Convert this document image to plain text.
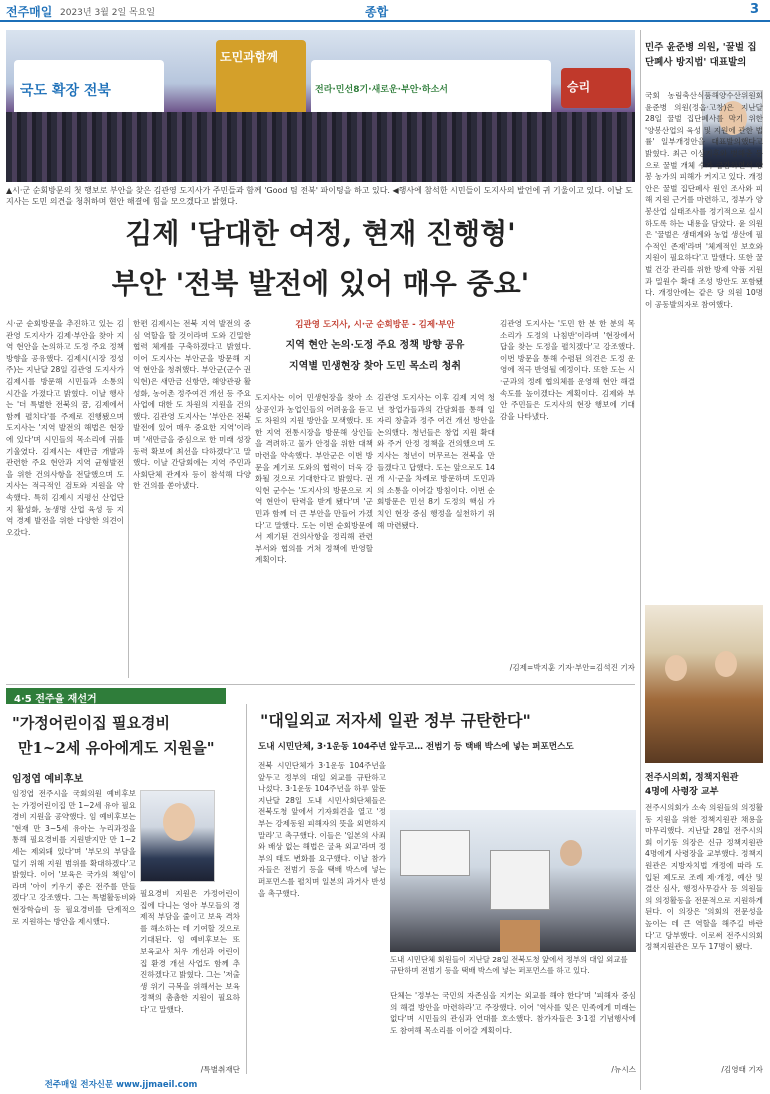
전주매일 2023년 3월 2일 목요일	종합	3
국도 확장 전북
도민과함께
전라·민선8기·새로운·부안·하소서	승리
▲시·군 순회방문의 첫 행보로 부안을 찾은 김관영 도지사가 주민들과 함께 'Good 팀 전북' 파이팅을 하고 있다. ◀행사에 참석한 시민들이 도지사의 발언에 귀 기울이고 있다. 이날 도지사는 도민 의견을 청취하며 현안 해결에 힘을 모으겠다고 밝혔다.
김제 '담대한 여정, 현재 진행형'
부안 '전북 발전에 있어 매우 중요'
시·군 순회방문을 추진하고 있는 김관영 도지사가 김제·부안을 찾아 지역 현안을 논의하고 도정 주요 정책 방향을 공유했다. 김제시(시장 정성주)는 지난달 28일 김관영 도지사가 김제시를 방문해 시민들과 소통의 시간을 가졌다고 밝혔다. 이날 행사는 '더 특별한 전북의 꿈, 김제에서 함께 펼치다'를 주제로 진행됐으며 도지사는 '지역 발전의 해법은 현장에 있다'며 시민들의 목소리에 귀를 기울였다. 김제시는 새만금 개발과 관련한 주요 현안과 지역 균형발전을 위한 건의사항을 전달했으며 도지사는 적극적인 검토와 지원을 약속했다. 특히 김제시 지평선 산업단지 활성화, 농생명 산업 육성 등 지역 경제 발전을 위한 다양한 의견이 오갔다.
한편 김제시는 전북 지역 발전의 중심 역할을 할 것이라며 도와 긴밀한 협력 체계를 구축하겠다고 밝혔다. 이어 도지사는 부안군을 방문해 지역 현안을 청취했다. 부안군(군수 권익현)은 새만금 신항만, 해양관광 활성화, 농어촌 정주여건 개선 등 주요 사업에 대한 도 차원의 지원을 건의했다. 김관영 도지사는 '부안은 전북 발전에 있어 매우 중요한 지역'이라며 '새만금을 중심으로 한 미래 성장동력 확보에 최선을 다하겠다'고 말했다. 이날 간담회에는 지역 주민과 사회단체 관계자 등이 참석해 다양한 건의를 쏟아냈다.
김관영 도지사, 시·군 순회방문 - 김제·부안
지역 현안 논의·도정 주요 정책 방향 공유
지역별 민생현장 찾아 도민 목소리 청취
도지사는 이어 민생현장을 찾아 소상공인과 농업인들의 어려움을 듣고 도 차원의 지원 방안을 모색했다. 또한 지역 전통시장을 방문해 상인들을 격려하고 물가 안정을 위한 대책 마련을 약속했다. 부안군은 이번 방문을 계기로 도와의 협력이 더욱 강화될 것으로 기대한다고 밝혔다. 권익현 군수는 '도지사의 방문으로 지역 현안이 탄력을 받게 됐다'며 '군민과 함께 더 큰 부안을 만들어 가겠다'고 말했다. 도는 이번 순회방문에서 제기된 건의사항을 정리해 관련 부서와 협의를 거쳐 정책에 반영할 계획이다.
김관영 도지사는 이후 김제 지역 청년 창업가들과의 간담회를 통해 일자리 창출과 정주 여건 개선 방안을 논의했다. 청년들은 창업 지원 확대와 주거 안정 정책을 건의했으며 도지사는 청년이 머무르는 전북을 만들겠다고 답했다. 도는 앞으로도 14개 시·군을 차례로 방문하며 도민과의 소통을 이어갈 방침이다. 이번 순회방문은 민선 8기 도정의 핵심 가치인 현장 중심 행정을 실천하기 위해 마련됐다.
김관영 도지사는 '도민 한 분 한 분의 목소리가 도정의 나침반'이라며 '현장에서 답을 찾는 도정을 펼치겠다'고 강조했다. 이번 방문을 통해 수렴된 의견은 도정 운영에 적극 반영될 예정이다. 또한 도는 시·군과의 정례 협의체를 운영해 현안 해결 속도를 높이겠다는 계획이다. 김제와 부안 주민들은 도지사의 현장 행보에 기대감을 나타냈다.
/김제=박지훈 기자·부안=김석진 기자
민주 윤준병 의원, '꿀벌 집단폐사 방지법' 대표발의
국회 농림축산식품해양수산위원회 윤준병 의원(정읍·고창)은 지난달 28일 꿀벌 집단폐사를 막기 위한 '양봉산업의 육성 및 지원에 관한 법률' 일부개정안을 대표발의했다고 밝혔다. 최근 이상기후와 병해충 등으로 꿀벌 개체 수가 급감하면서 양봉 농가의 피해가 커지고 있다. 개정안은 꿀벌 집단폐사 원인 조사와 피해 지원 근거를 마련하고, 정부가 양봉산업 실태조사를 정기적으로 실시하도록 하는 내용을 담았다. 윤 의원은 '꿀벌은 생태계와 농업 생산에 필수적인 존재'라며 '체계적인 보호와 지원이 필요하다'고 말했다. 또한 꿀벌 건강 관리를 위한 방제 약품 지원과 밀원수 확대 조성 방안도 포함됐다. 개정안에는 같은 당 의원 10명이 공동발의자로 참여했다.
4·5 전주을 재선거
"가정어린이집 필요경비
만1~2세 유아에게도 지원을"
임정엽 예비후보
임정엽 전주시을 국회의원 예비후보는 가정어린이집 만 1~2세 유아 필요경비 지원을 공약했다. 임 예비후보는 '현재 만 3~5세 유아는 누리과정을 통해 필요경비를 지원받지만 만 1~2세는 제외돼 있다'며 '부모의 부담을 덜기 위해 지원 범위를 확대하겠다'고 밝혔다. 이어 '보육은 국가의 책임'이라며 '아이 키우기 좋은 전주를 만들겠다'고 강조했다. 그는 특별활동비와 현장학습비 등 필요경비를 단계적으로 지원하는 방안을 제시했다.
필요경비 지원은 가정어린이집에 다니는 영아 부모들의 경제적 부담을 줄이고 보육 격차를 해소하는 데 기여할 것으로 기대된다. 임 예비후보는 또 보육교사 처우 개선과 어린이집 환경 개선 사업도 함께 추진하겠다고 밝혔다. 그는 '저출생 위기 극복을 위해서는 보육 정책의 촘촘한 지원이 필요하다'고 말했다.
/특별취재단
"대일외교 저자세 일관 정부 규탄한다"
도내 시민단체, 3·1운동 104주년 앞두고… 전범기 등 택배 박스에 넣는 퍼포먼스도
전북 시민단체가 3·1운동 104주년을 앞두고 정부의 대일 외교를 규탄하고 나섰다. 3·1운동 104주년을 하루 앞둔 지난달 28일 도내 시민사회단체들은 전북도청 앞에서 기자회견을 열고 '정부는 강제동원 피해자의 뜻을 외면하지 말라'고 촉구했다. 이들은 '일본의 사죄와 배상 없는 해법은 굴욕 외교'라며 정부의 태도 변화를 요구했다. 이날 참가자들은 전범기 등을 택배 박스에 넣는 퍼포먼스를 펼치며 일본의 과거사 반성을 촉구했다.
도내 시민단체 회원들이 지난달 28일 전북도청 앞에서 정부의 대일 외교를 규탄하며 전범기 등을 택배 박스에 넣는 퍼포먼스를 하고 있다.
단체는 '정부는 국민의 자존심을 지키는 외교를 해야 한다'며 '피해자 중심의 해결 방안을 마련하라'고 주장했다. 이어 '역사를 잊은 민족에게 미래는 없다'며 시민들의 관심과 연대를 호소했다. 참가자들은 3·1절 기념행사에도 참여해 목소리를 이어갈 계획이다.
/뉴시스
전주시의회, 정책지원관
4명에 사령장 교부
전주시의회가 소속 의원들의 의정활동 지원을 위한 정책지원관 채용을 마무리했다. 지난달 28일 전주시의회 이기동 의장은 신규 정책지원관 4명에게 사령장을 교부했다. 정책지원관은 지방자치법 개정에 따라 도입된 제도로 조례 제·개정, 예산 및 결산 심사, 행정사무감사 등 의원들의 의정활동을 전문적으로 지원하게 된다. 이 의장은 '의회의 전문성을 높이는 데 큰 역할을 해주길 바란다'고 당부했다. 이로써 전주시의회 정책지원관은 모두 17명이 됐다.
/김영태 기자
전주매일 전자신문 www.jjmaeil.com
